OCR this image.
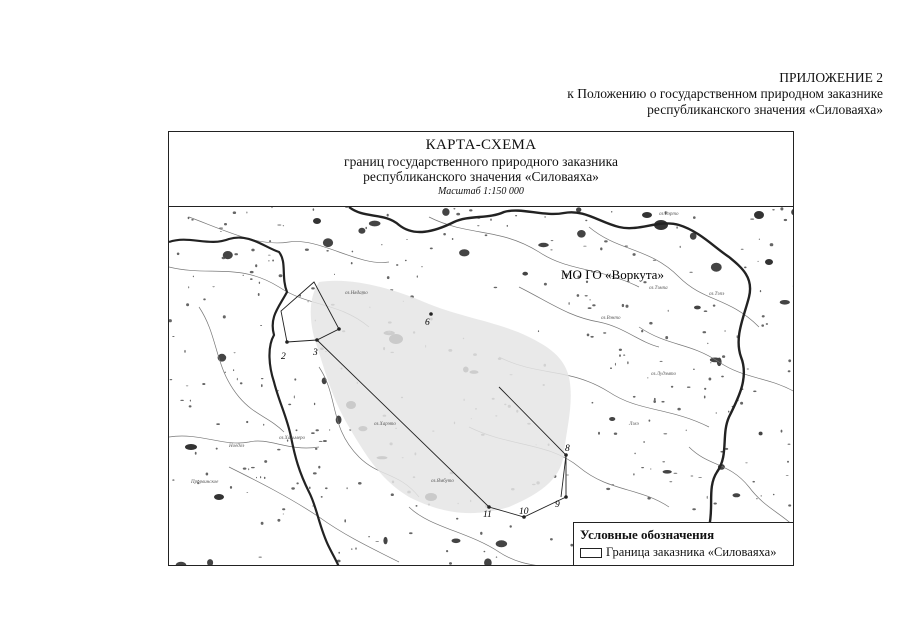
ПРИЛОЖЕНИЕ 2
к Положению о государственном природном заказнике
республиканского значения «Силоваяха»
КАРТА-СХЕМА
границ государственного природного заказника
республиканского значения «Силоваяха»
Масштаб 1:150 000
2	3
6
8
9
10
11
МО ГО «Воркута»
оз.Вэрто
оз.Тэпэ
оз.Тэмпа
оз.Вэнто
оз.Лудэмто
Лэхэ
оз.Харэто
оз.Хальмеро
оз.Ямбуто
Прорвинское
оз.Нядато
Ноедоэ
Условные обозначения
Граница заказника «Силоваяха»
